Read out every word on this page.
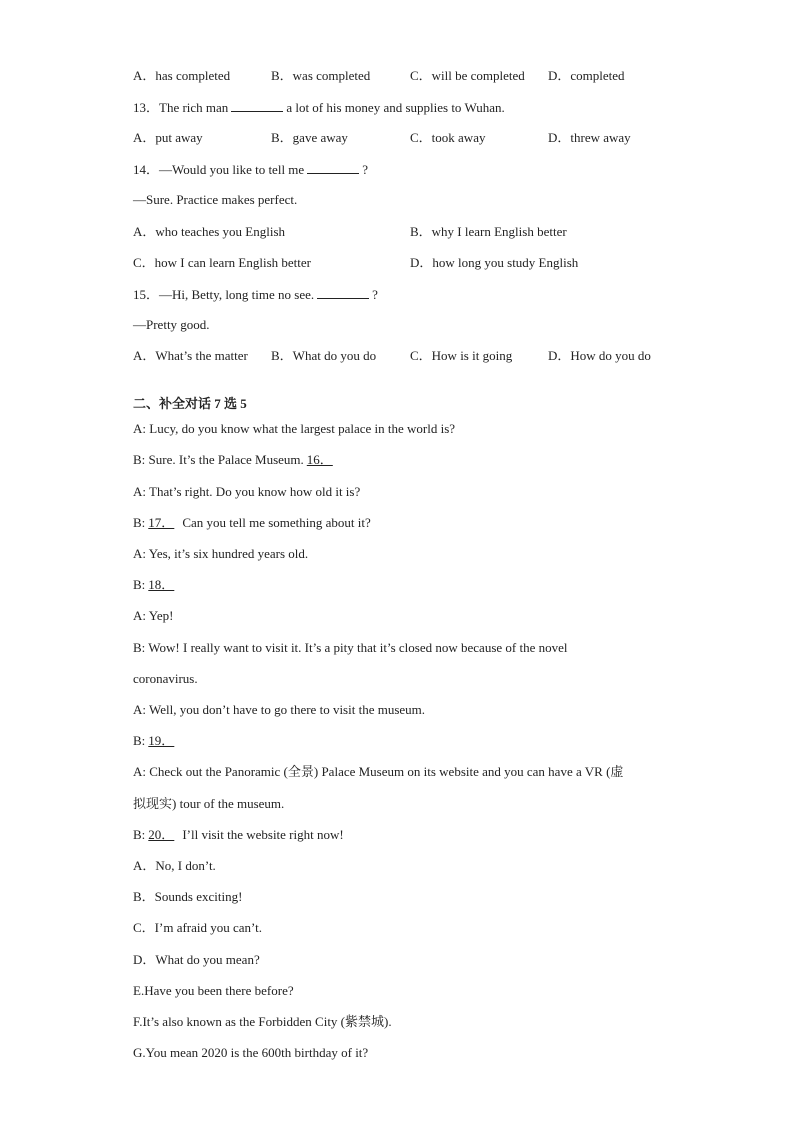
A．has completed	B．was completed	C．will be completed D．completed
13．The rich man	a lot of his money and supplies to Wuhan.
A．put away	B．gave away	C．took away	D．threw away
14．—Would you like to tell me	?
—Sure. Practice makes perfect.
A．who teaches you English	B．why I learn English better
C．how I can learn English better	D．how long you study English
15．—Hi, Betty, long time no see.	?
—Pretty good.
A．What’s the matter B．What do you do	C．How is it going	D．How do you do
二、补全对话 7 选 5
A: Lucy, do you know what the largest palace in the world is?
B: Sure. It’s the Palace Museum. 16．
A: That’s right. Do you know how old it is?
B: 17． Can you tell me something about it?
A: Yes, it’s six hundred years old.
B: 18．
A: Yep!
B: Wow! I really want to visit it. It’s a pity that it’s closed now because of the novel
coronavirus.
A: Well, you don’t have to go there to visit the museum.
B: 19．
A: Check out the Panoramic (全景) Palace Museum on its website and you can have a VR (虚
拟现实) tour of the museum.
B: 20． I’ll visit the website right now!
A．No, I don’t.
B．Sounds exciting!
C．I’m afraid you can’t.
D．What do you mean?
E.Have you been there before?
F.It’s also known as the Forbidden City (紫禁城).
G.You mean 2020 is the 600th birthday of it?
